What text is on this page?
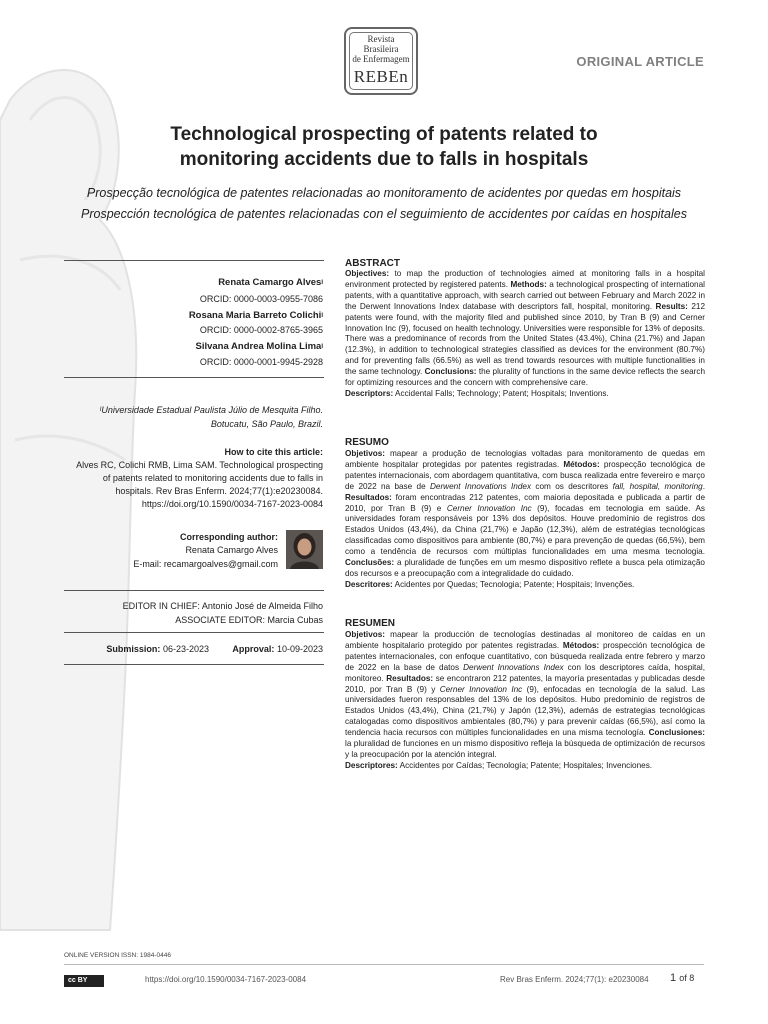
Revista
Brasileira
de Enfermagem
REBEn
ORIGINAL ARTICLE
Technological prospecting of patents related to
monitoring accidents due to falls in hospitals
Prospecção tecnológica de patentes relacionadas ao monitoramento de acidentes por quedas em hospitais
Prospección tecnológica de patentes relacionadas con el seguimiento de accidentes por caídas en hospitales
Renata Camargo Alves$^I$
ORCID: 0000-0003-0955-7086
Rosana Maria Barreto Colichi$^I$
ORCID: 0000-0002-8765-3965
Silvana Andrea Molina Lima$^I$
ORCID: 0000-0001-9945-2928
$^I$Universidade Estadual Paulista Júlio de Mesquita Filho.
Botucatu, São Paulo, Brazil.
How to cite this article:
Alves RC, Colichi RMB, Lima SAM. Technological prospecting
of patents related to monitoring accidents due to falls in
hospitals. Rev Bras Enferm. 2024;77(1):e20230084.
https://doi.org/10.1590/0034-7167-2023-0084
Corresponding author:
Renata Camargo Alves
E-mail: recamargoalves@gmail.com
EDITOR IN CHIEF: Antonio José de Almeida Filho
ASSOCIATE EDITOR: Marcia Cubas
Submission: 06-23-2023	Approval: 10-09-2023
ABSTRACT
Objectives: to map the production of technologies aimed at monitoring falls in a hospital environment protected by registered patents. Methods: a technological prospecting of international patents, with a quantitative approach, with search carried out between February and March 2022 in the Derwent Innovations Index database with descriptors fall, hospital, monitoring. Results: 212 patents were found, with the majority filed and published since 2010, by Tran B (9) and Cerner Innovation Inc (9), focused on health technology. Universities were responsible for 13% of deposits. There was a predominance of records from the United States (43.4%), China (21.7%) and Japan (12.3%), in addition to technological strategies classified as devices for the environment (80.7%) and for preventing falls (66.5%) as well as trend towards resources with multiple functionalities in the same technology. Conclusions: the plurality of functions in the same device reflects the search for optimizing resources and the concern with comprehensive care.
Descriptors: Accidental Falls; Technology; Patent; Hospitals; Inventions.
RESUMO
Objetivos: mapear a produção de tecnologias voltadas para monitoramento de quedas em ambiente hospitalar protegidas por patentes registradas. Métodos: prospecção tecnológica de patentes internacionais, com abordagem quantitativa, com busca realizada entre fevereiro e março de 2022 na base de Derwent Innovations Index com os descritores fall, hospital, monitoring. Resultados: foram encontradas 212 patentes, com maioria depositada e publicada a partir de 2010, por Tran B (9) e Cerner Innovation Inc (9), focadas em tecnologia em saúde. As universidades foram responsáveis por 13% dos depósitos. Houve predomínio de registros dos Estados Unidos (43,4%), da China (21,7%) e Japão (12,3%), além de estratégias tecnológicas classificadas como dispositivos para ambiente (80,7%) e para prevenção de quedas (66,5%), bem como a tendência de recursos com múltiplas funcionalidades em uma mesma tecnologia. Conclusões: a pluralidade de funções em um mesmo dispositivo reflete a busca pela otimização dos recursos e a preocupação com a integralidade do cuidado.
Descritores: Acidentes por Quedas; Tecnologia; Patente; Hospitais; Invenções.
RESUMEN
Objetivos: mapear la producción de tecnologías destinadas al monitoreo de caídas en un ambiente hospitalario protegido por patentes registradas. Métodos: prospección tecnológica de patentes internacionales, con enfoque cuantitativo, con búsqueda realizada entre febrero y marzo de 2022 en la base de datos Derwent Innovations Index con los descriptores caída, hospital, monitoreo. Resultados: se encontraron 212 patentes, la mayoría presentadas y publicadas desde 2010, por Tran B (9) y Cerner Innovation Inc (9), enfocadas en tecnología de la salud. Las universidades fueron responsables del 13% de los depósitos. Hubo predominio de registros de Estados Unidos (43,4%), China (21,7%) y Japón (12,3%), además de estrategias tecnológicas catalogadas como dispositivos ambientales (80,7%) y para prevenir caídas (66,5%), así como la tendencia hacia recursos con múltiples funcionalidades en una misma tecnología. Conclusiones: la pluralidad de funciones en un mismo dispositivo refleja la búsqueda de optimización de recursos y la preocupación por la atención integral.
Descriptores: Accidentes por Caídas; Tecnología; Patente; Hospitales; Invenciones.
ONLINE VERSION ISSN: 1984-0446
cc BY	https://doi.org/10.1590/0034-7167-2023-0084	Rev Bras Enferm. 2024;77(1): e20230084 1 of 8
